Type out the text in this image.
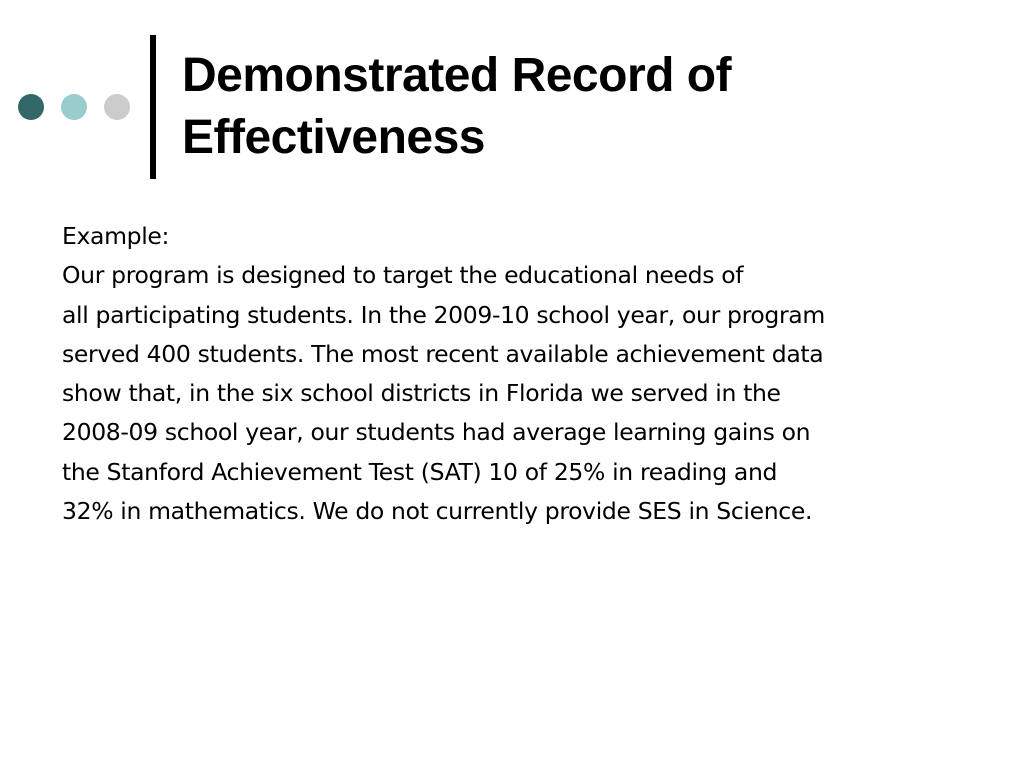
Demonstrated Record of
Effectiveness
Example:
Our program is designed to target the educational needs of
all participating students. In the 2009-10 school year, our program
served 400 students. The most recent available achievement data
show that, in the six school districts in Florida we served in the
2008-09 school year, our students had average learning gains on
the Stanford Achievement Test (SAT) 10 of 25% in reading and
32% in mathematics. We do not currently provide SES in Science.
